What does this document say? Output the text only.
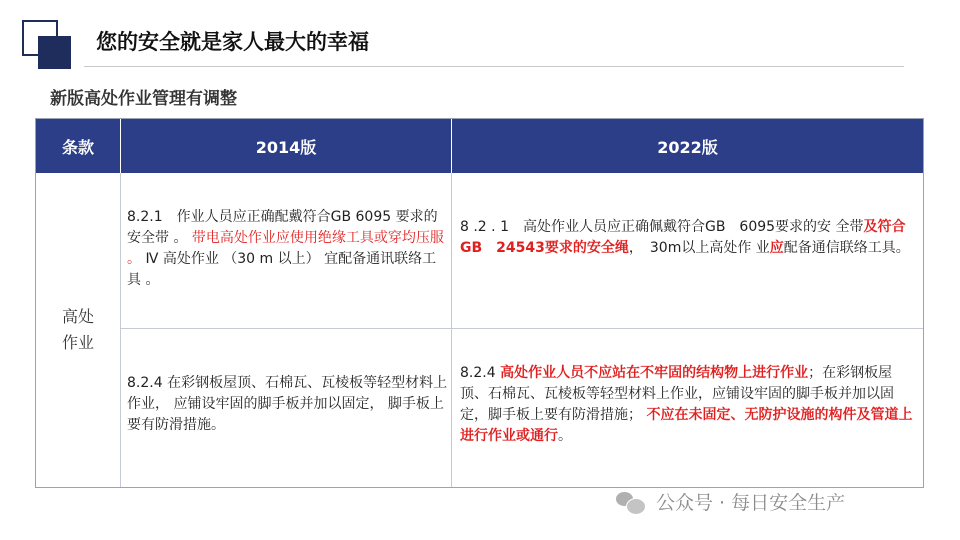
您的安全就是家人最大的幸福
新版高处作业管理有调整
条款	2014版	2022版
高处作业
8.2.1　作业人员应正确配戴符合GB 6095 要求的安全带 。 带电高处作业应使用绝缘工具或穿均压服 。 Ⅳ 高处作业 （30 m 以上） 宜配备通讯联络工具 。
8 .2 . 1　高处作业人员应正确佩戴符合GB　6095要求的安 全带及符合GB　24543要求的安全绳，　30m以上高处作 业应配备通信联络工具。
8.2.4 在彩钢板屋顶、石棉瓦、瓦棱板等轻型材料上作业， 应铺设牢固的脚手板并加以固定， 脚手板上要有防滑措施。
8.2.4 高处作业人员不应站在不牢固的结构物上进行作业；在彩钢板屋顶、石棉瓦、瓦棱板等轻型材料上作业，应铺设牢固的脚手板并加以固定，脚手板上要有防滑措施； 不应在未固定、无防护设施的构件及管道上进行作业或通行。
公众号 · 每日安全生产
